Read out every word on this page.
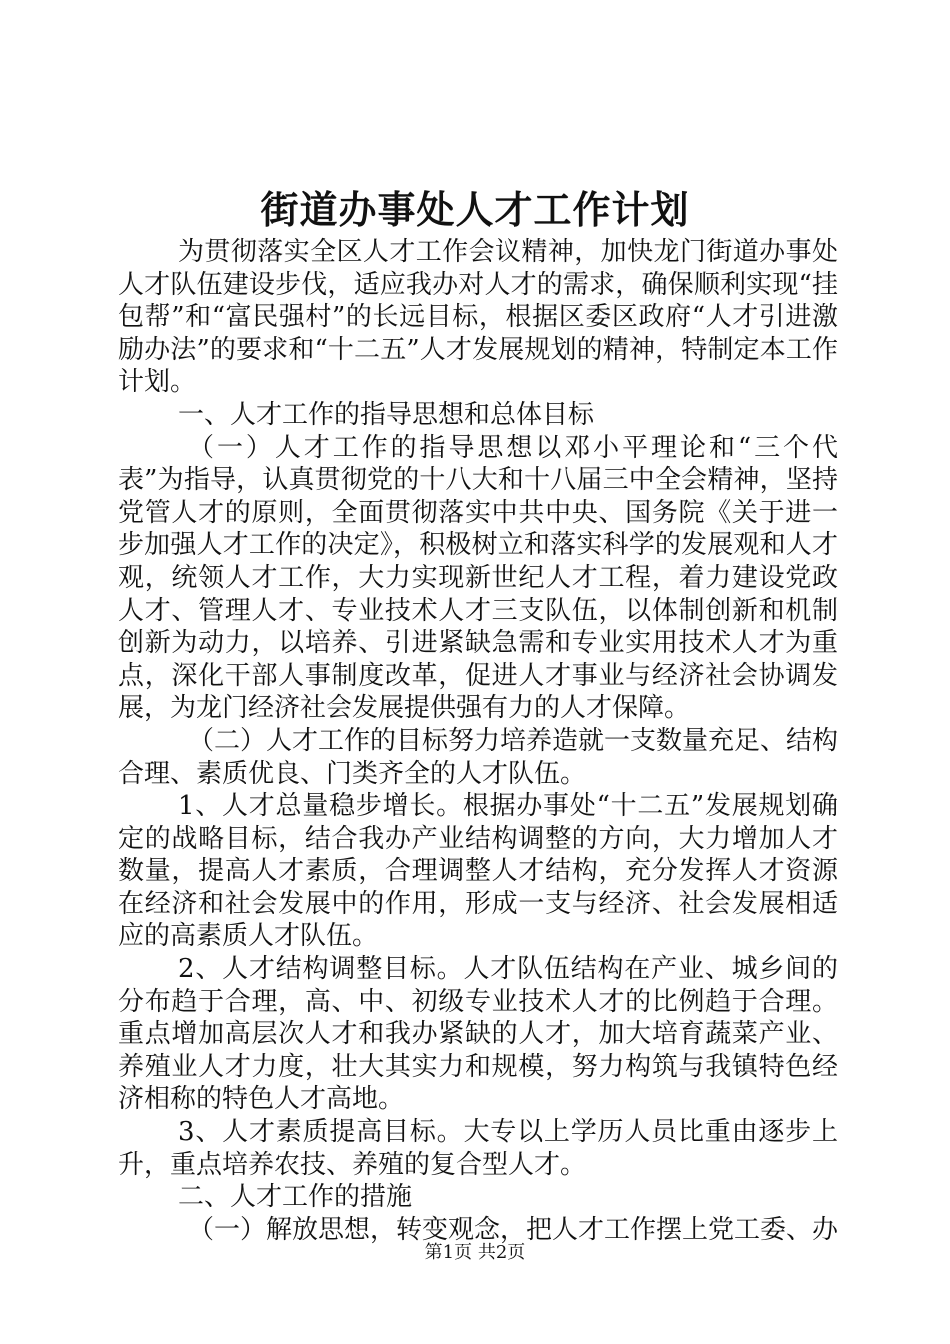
街道办事处人才工作计划

为贯彻落实全区人才工作会议精神，加快龙门街道办事处人才队伍建设步伐，适应我办对人才的需求，确保顺利实现“挂包帮”和“富民强村”的长远目标，根据区委区政府“人才引进激励办法”的要求和“十二五”人才发展规划的精神，特制定本工作计划。

一、人才工作的指导思想和总体目标

（一）人才工作的指导思想以邓小平理论和“三个代表”为指导，认真贯彻党的十八大和十八届三中全会精神，坚持党管人才的原则，全面贯彻落实中共中央、国务院《关于进一步加强人才工作的决定》，积极树立和落实科学的发展观和人才观，统领人才工作，大力实现新世纪人才工程，着力建设党政人才、管理人才、专业技术人才三支队伍，以体制创新和机制创新为动力，以培养、引进紧缺急需和专业实用技术人才为重点，深化干部人事制度改革，促进人才事业与经济社会协调发展，为龙门经济社会发展提供强有力的人才保障。

（二）人才工作的目标努力培养造就一支数量充足、结构合理、素质优良、门类齐全的人才队伍。

1、人才总量稳步增长。根据办事处“十二五”发展规划确定的战略目标，结合我办产业结构调整的方向，大力增加人才数量，提高人才素质，合理调整人才结构，充分发挥人才资源在经济和社会发展中的作用，形成一支与经济、社会发展相适应的高素质人才队伍。

2、人才结构调整目标。人才队伍结构在产业、城乡间的分布趋于合理，高、中、初级专业技术人才的比例趋于合理。重点增加高层次人才和我办紧缺的人才，加大培育蔬菜产业、养殖业人才力度，壮大其实力和规模，努力构筑与我镇特色经济相称的特色人才高地。

3、人才素质提高目标。大专以上学历人员比重由逐步上升，重点培养农技、养殖的复合型人才。

二、人才工作的措施

（一）解放思想，转变观念，把人才工作摆上党工委、办

第1页 共2页
